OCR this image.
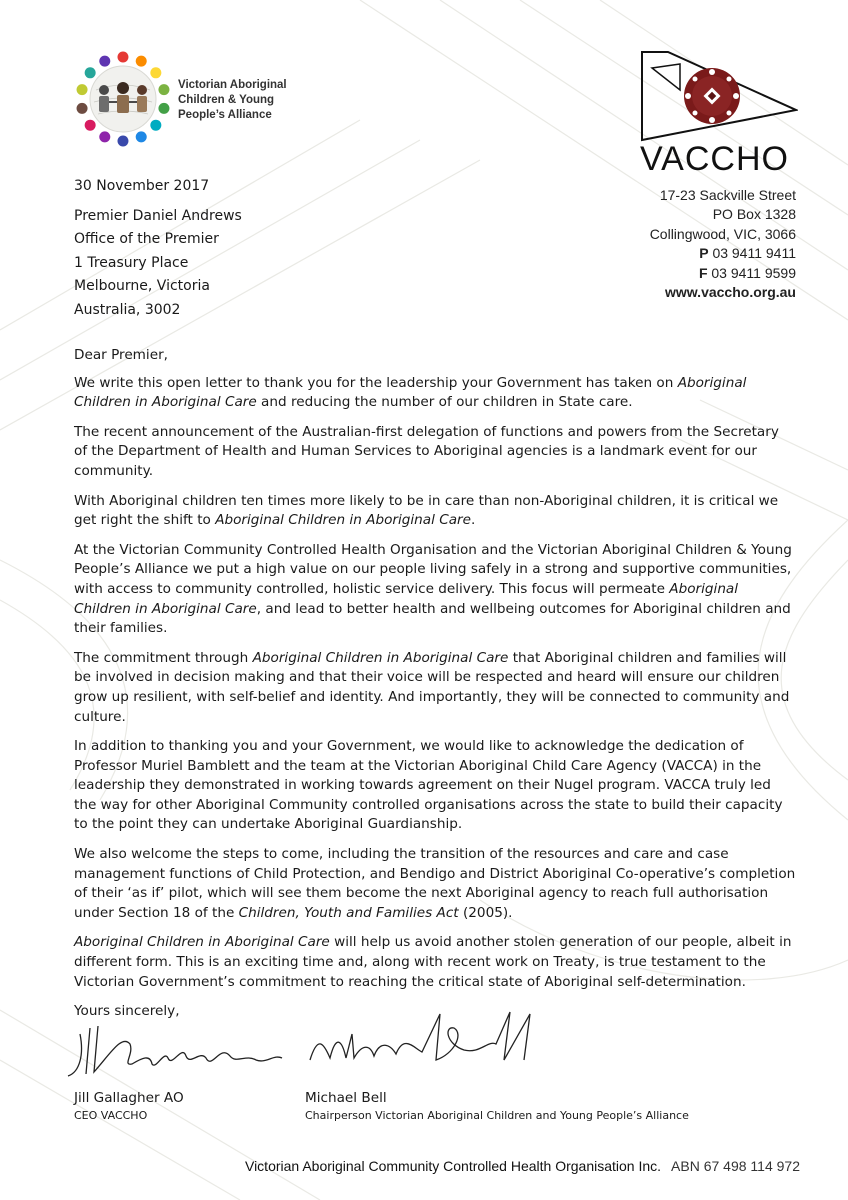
Victorian Aboriginal
Children & Young
People’s Alliance
VACCHO
17-23 Sackville Street
PO Box 1328
Collingwood, VIC, 3066
P 03 9411 9411
F 03 9411 9599
www.vaccho.org.au
30 November 2017
Premier Daniel Andrews
Office of the Premier
1 Treasury Place
Melbourne, Victoria
Australia, 3002

Dear Premier,

We write this open letter to thank you for the leadership your Government has taken on Aboriginal Children in Aboriginal Care and reducing the number of our children in State care.

The recent announcement of the Australian-first delegation of functions and powers from the Secretary of the Department of Health and Human Services to Aboriginal agencies is a landmark event for our community.

With Aboriginal children ten times more likely to be in care than non-Aboriginal children, it is critical we get right the shift to Aboriginal Children in Aboriginal Care.

At the Victorian Community Controlled Health Organisation and the Victorian Aboriginal Children & Young People’s Alliance we put a high value on our people living safely in a strong and supportive communities, with access to community controlled, holistic service delivery. This focus will permeate Aboriginal Children in Aboriginal Care, and lead to better health and wellbeing outcomes for Aboriginal children and their families.

The commitment through Aboriginal Children in Aboriginal Care that Aboriginal children and families will be involved in decision making and that their voice will be respected and heard will ensure our children grow up resilient, with self-belief and identity. And importantly, they will be connected to community and culture.

In addition to thanking you and your Government, we would like to acknowledge the dedication of Professor Muriel Bamblett and the team at the Victorian Aboriginal Child Care Agency (VACCA) in the leadership they demonstrated in working towards agreement on their Nugel program. VACCA truly led the way for other Aboriginal Community controlled organisations across the state to build their capacity to the point they can undertake Aboriginal Guardianship.

We also welcome the steps to come, including the transition of the resources and care and case management functions of Child Protection, and Bendigo and District Aboriginal Co-operative’s completion of their ‘as if’ pilot, which will see them become the next Aboriginal agency to reach full authorisation under Section 18 of the Children, Youth and Families Act (2005).

Aboriginal Children in Aboriginal Care will help us avoid another stolen generation of our people, albeit in different form. This is an exciting time and, along with recent work on Treaty, is true testament to the Victorian Government’s commitment to reaching the critical state of Aboriginal self-determination.

Yours sincerely,

Jill Gallagher AO
CEO VACCHO
Michael Bell
Chairperson Victorian Aboriginal Children and Young People’s Alliance
Victorian Aboriginal Community Controlled Health Organisation Inc. ABN 67 498 114 972
